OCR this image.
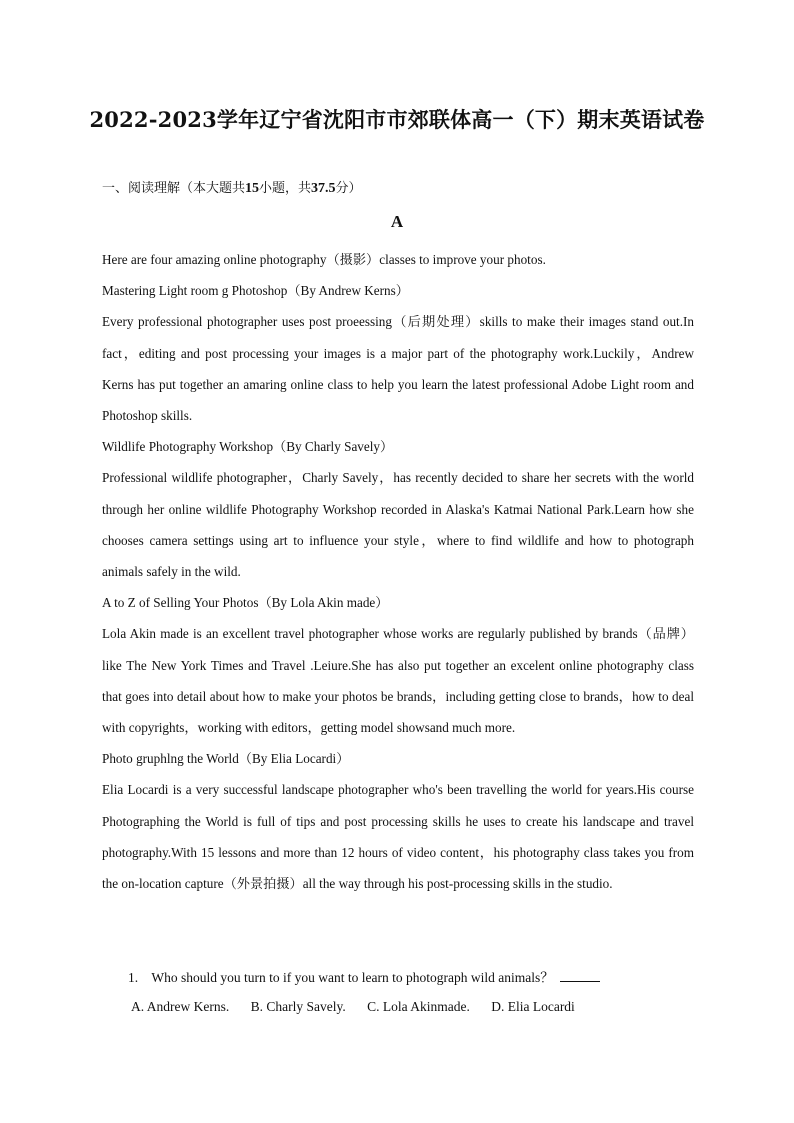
2022-2023学年辽宁省沈阳市市郊联体高一（下）期末英语试卷
一、阅读理解（本大题共15小题，共37.5分）
A

Here are four amazing online photography（摄影）classes to improve your photos.

Mastering Light room g Photoshop（By Andrew Kerns）

Every professional photographer uses post proeessing（后期处理）skills to make their images stand out.In fact，editing and post processing your images is a major part of the photography work.Luckily，Andrew Kerns has put together an amaring online class to help you learn the latest professional Adobe Light room and Photoshop skills.

Wildlife Photography Workshop（By Charly Savely）

Professional wildlife photographer，Charly Savely，has recently decided to share her secrets with the world through her online wildlife Photography Workshop recorded in Alaska's Katmai National Park.Learn how she chooses camera settings using art to influence your style，where to find wildlife and how to photograph animals safely in the wild.

A to Z of Selling Your Photos（By Lola Akin made）

Lola Akin made is an excellent travel photographer whose works are regularly published by brands（品牌） like The New York Times and Travel .Leiure.She has also put together an excelent online photography class that goes into detail about how to make your photos be brands，including getting close to brands，how to deal with copyrights，working with editors，getting model showsand much more.

Photo gruphlng the World（By Elia Locardi）

Elia Locardi is a very successful landscape photographer who's been travelling the world for years.His course Photographing the World is full of tips and post processing skills he uses to create his landscape and travel photography.With 15 lessons and more than 12 hours of video content，his photography class takes you from the on-location capture（外景拍摄）all the way through his post-processing skills in the studio.

1. Who should you turn to if you want to learn to photograph wild animals？
A. Andrew Kerns. B. Charly Savely. C. Lola Akinmade. D. Elia Locardi
